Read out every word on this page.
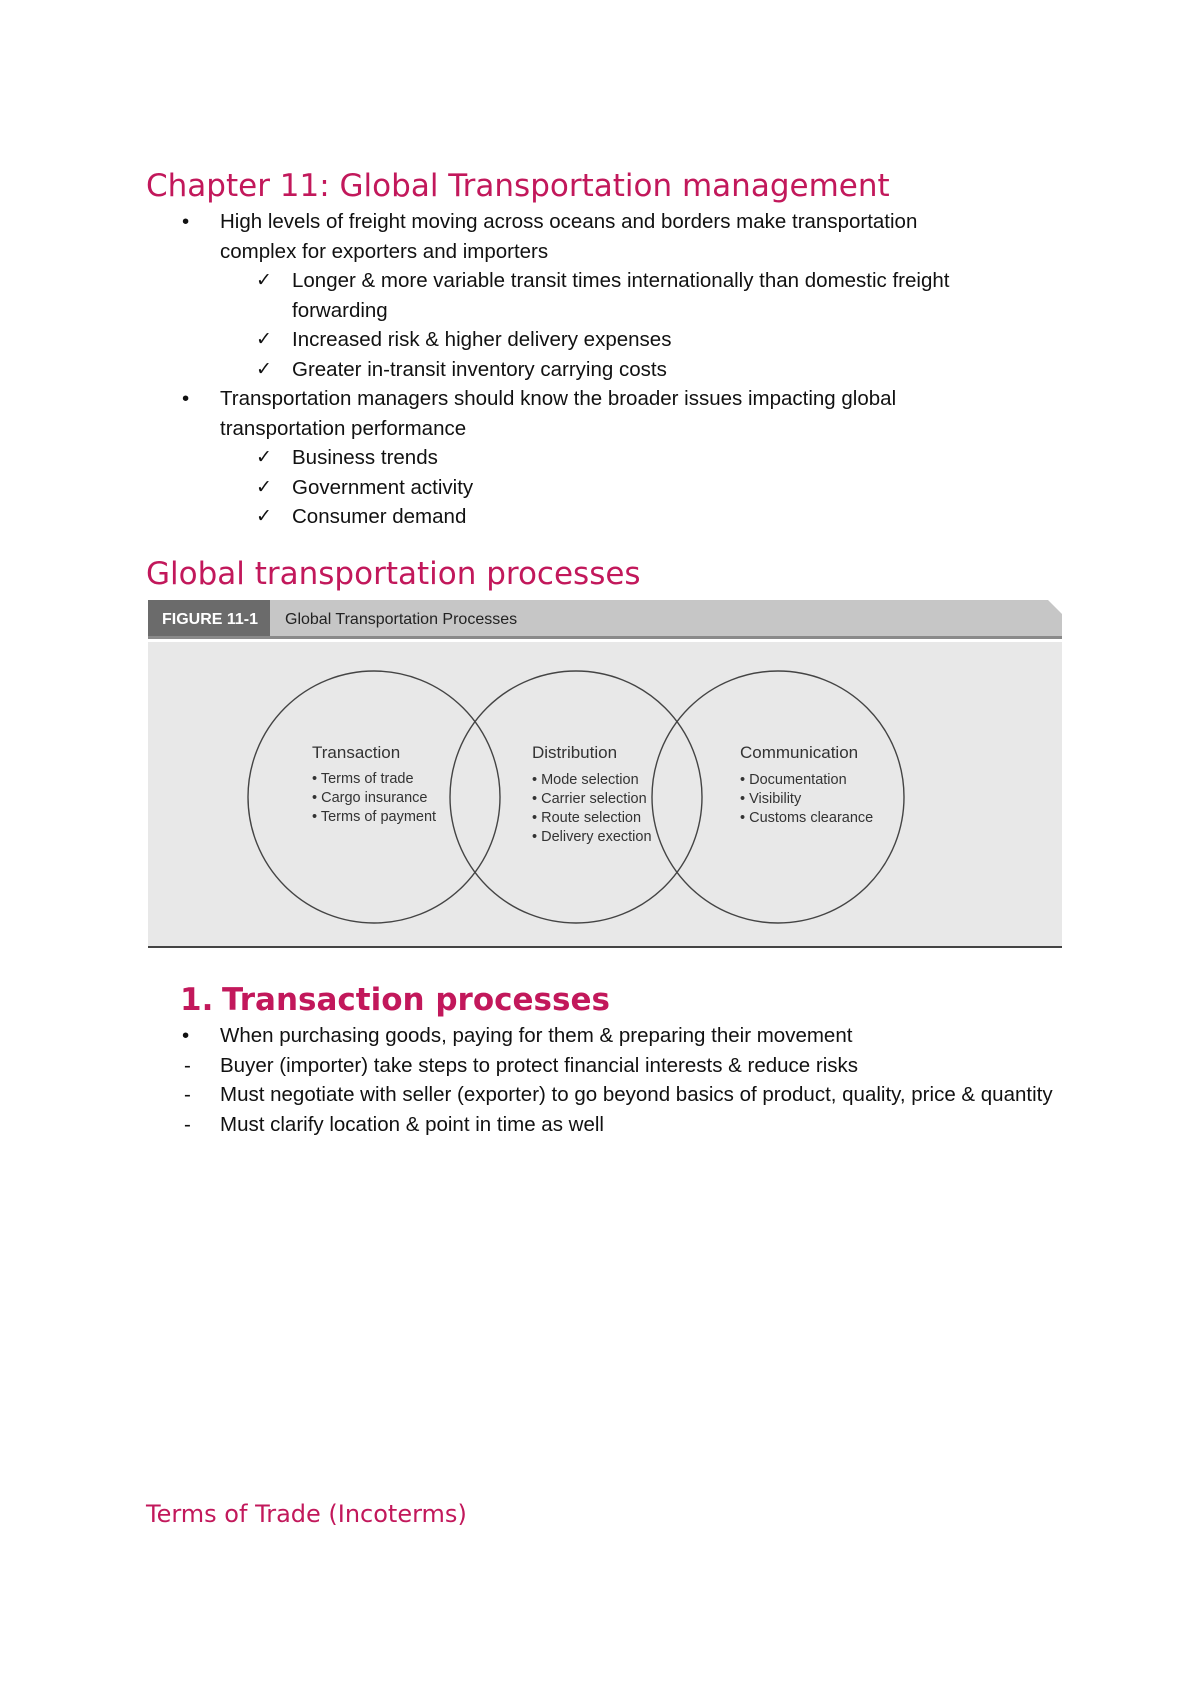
Chapter 11: Global Transportation management
• High levels of freight moving across oceans and borders make transportation complex for exporters and importers
✓ Longer & more variable transit times internationally than domestic freight forwarding
✓ Increased risk & higher delivery expenses
✓ Greater in-transit inventory carrying costs
• Transportation managers should know the broader issues impacting global transportation performance
✓ Business trends
✓ Government activity
✓ Consumer demand
Global transportation processes
FIGURE 11-1 Global Transportation Processes
Transaction
• Terms of trade
• Cargo insurance
• Terms of payment
Distribution
• Mode selection
• Carrier selection
• Route selection
• Delivery exection
Communication
• Documentation
• Visibility
• Customs clearance
1. Transaction processes
• When purchasing goods, paying for them & preparing their movement
- Buyer (importer) take steps to protect financial interests & reduce risks
- Must negotiate with seller (exporter) to go beyond basics of product, quality, price & quantity
- Must clarify location & point in time as well
Terms of Trade (Incoterms)
